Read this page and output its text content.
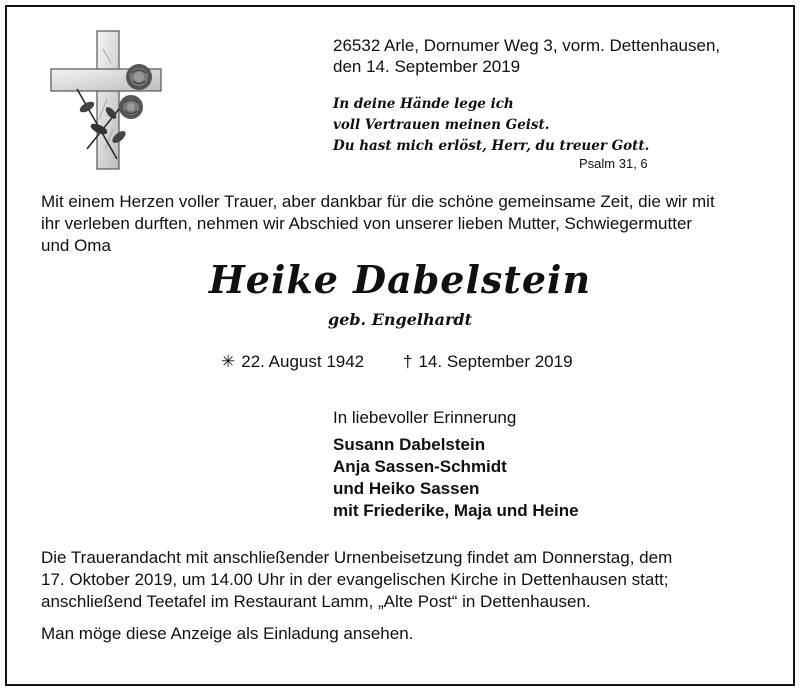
26532 Arle, Dornumer Weg 3, vorm. Dettenhausen,
den 14. September 2019
In deine Hände lege ich
voll Vertrauen meinen Geist.
Du hast mich erlöst, Herr, du treuer Gott.
Psalm 31, 6
Mit einem Herzen voller Trauer, aber dankbar für die schöne gemeinsame Zeit, die wir mit
ihr verleben durften, nehmen wir Abschied von unserer lieben Mutter, Schwiegermutter
und Oma
Heike Dabelstein
geb. Engelhardt
✳ 22. August 1942 † 14. September 2019
In liebevoller Erinnerung
Susann Dabelstein
Anja Sassen-Schmidt
und Heiko Sassen
mit Friederike, Maja und Heine
Die Trauerandacht mit anschließender Urnenbeisetzung findet am Donnerstag, dem
17. Oktober 2019, um 14.00 Uhr in der evangelischen Kirche in Dettenhausen statt;
anschließend Teetafel im Restaurant Lamm, „Alte Post“ in Dettenhausen.
Man möge diese Anzeige als Einladung ansehen.
